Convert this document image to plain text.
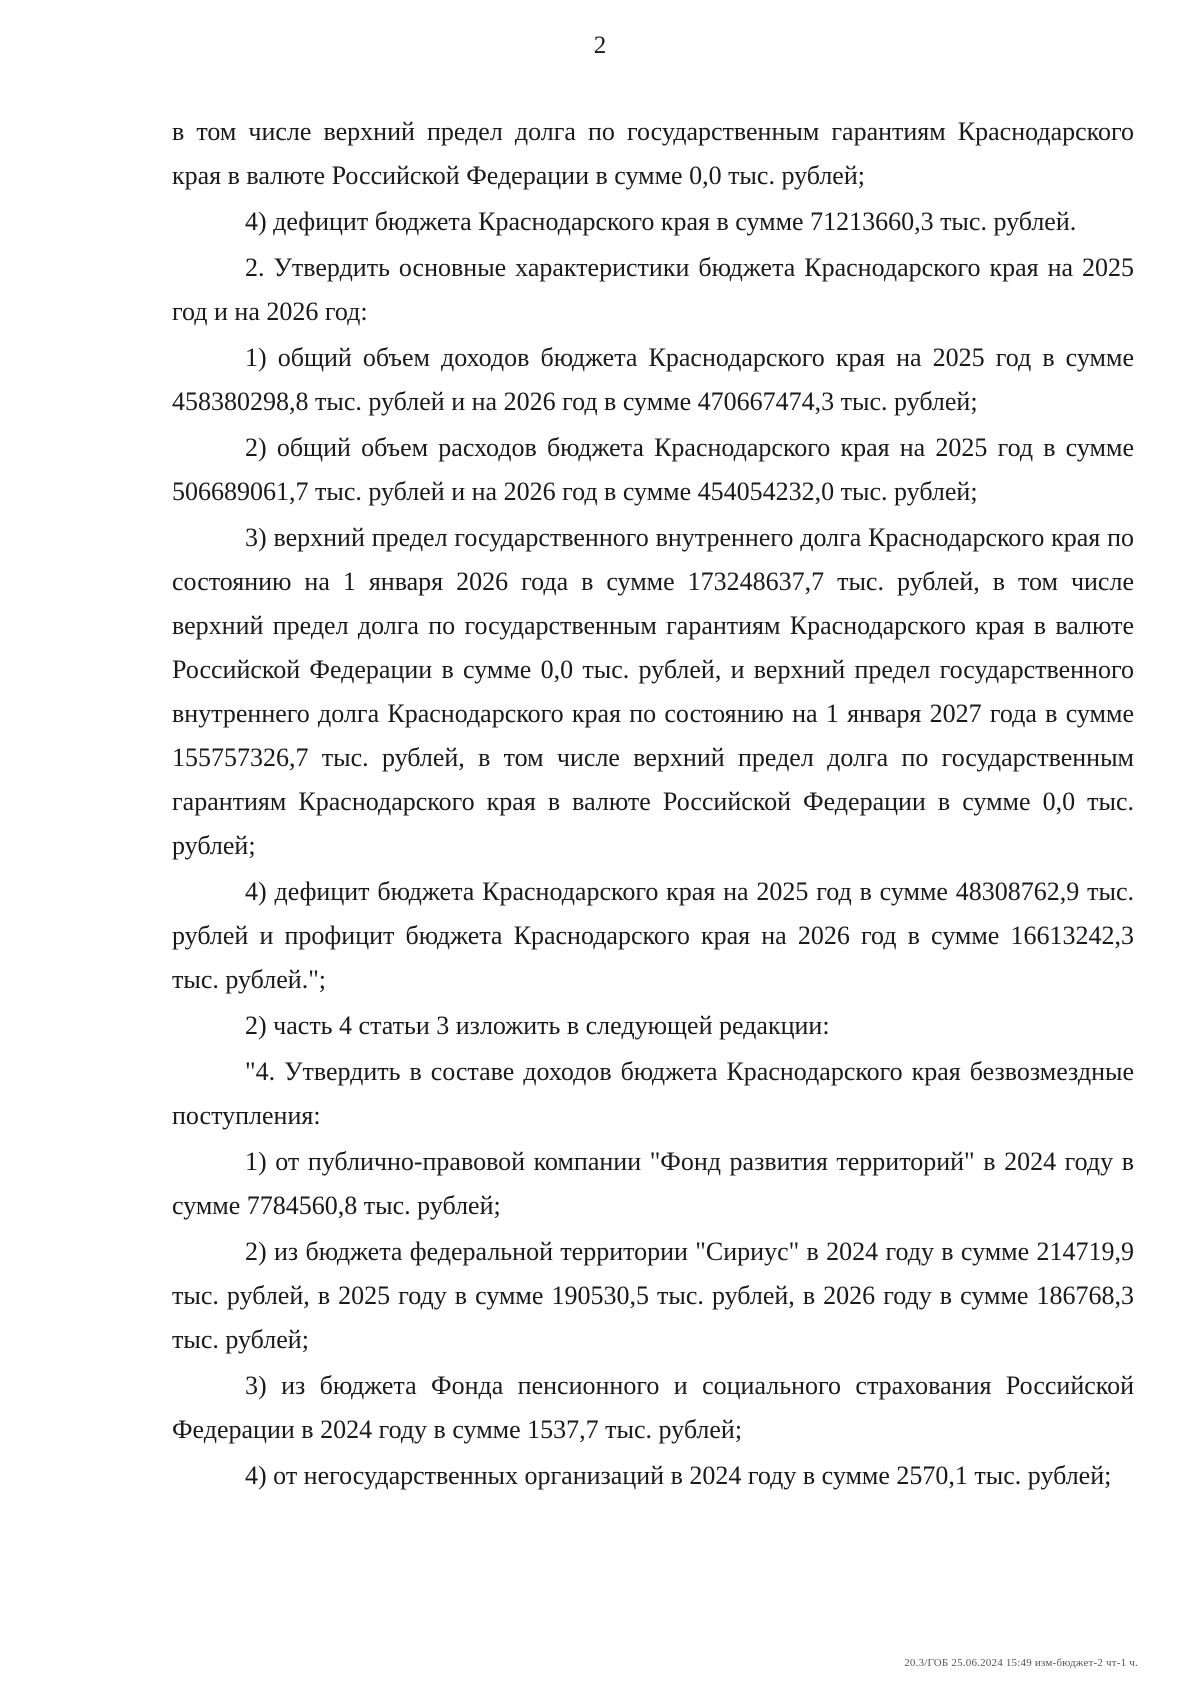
2

в том числе верхний предел долга по государственным гарантиям Краснодарского края в валюте Российской Федерации в сумме 0,0 тыс. рублей;

4) дефицит бюджета Краснодарского края в сумме 71213660,3 тыс. рублей.

2. Утвердить основные характеристики бюджета Краснодарского края на 2025 год и на 2026 год:

1) общий объем доходов бюджета Краснодарского края на 2025 год в сумме 458380298,8 тыс. рублей и на 2026 год в сумме 470667474,3 тыс. рублей;

2) общий объем расходов бюджета Краснодарского края на 2025 год в сумме 506689061,7 тыс. рублей и на 2026 год в сумме 454054232,0 тыс. рублей;

3) верхний предел государственного внутреннего долга Краснодарского края по состоянию на 1 января 2026 года в сумме 173248637,7 тыс. рублей, в том числе верхний предел долга по государственным гарантиям Краснодарского края в валюте Российской Федерации в сумме 0,0 тыс. рублей, и верхний предел государственного внутреннего долга Краснодарского края по состоянию на 1 января 2027 года в сумме 155757326,7 тыс. рублей, в том числе верхний предел долга по государственным гарантиям Краснодарского края в валюте Российской Федерации в сумме 0,0 тыс. рублей;

4) дефицит бюджета Краснодарского края на 2025 год в сумме 48308762,9 тыс. рублей и профицит бюджета Краснодарского края на 2026 год в сумме 16613242,3 тыс. рублей.";

2) часть 4 статьи 3 изложить в следующей редакции:

"4. Утвердить в составе доходов бюджета Краснодарского края безвозмездные поступления:

1) от публично-правовой компании "Фонд развития территорий" в 2024 году в сумме 7784560,8 тыс. рублей;

2) из бюджета федеральной территории "Сириус" в 2024 году в сумме 214719,9 тыс. рублей, в 2025 году в сумме 190530,5 тыс. рублей, в 2026 году в сумме 186768,3 тыс. рублей;

3) из бюджета Фонда пенсионного и социального страхования Российской Федерации в 2024 году в сумме 1537,7 тыс. рублей;

4) от негосударственных организаций в 2024 году в сумме 2570,1 тыс. рублей;

20.3/ГОБ 25.06.2024 15:49 изм-бюджет-2 чт-1 ч.
